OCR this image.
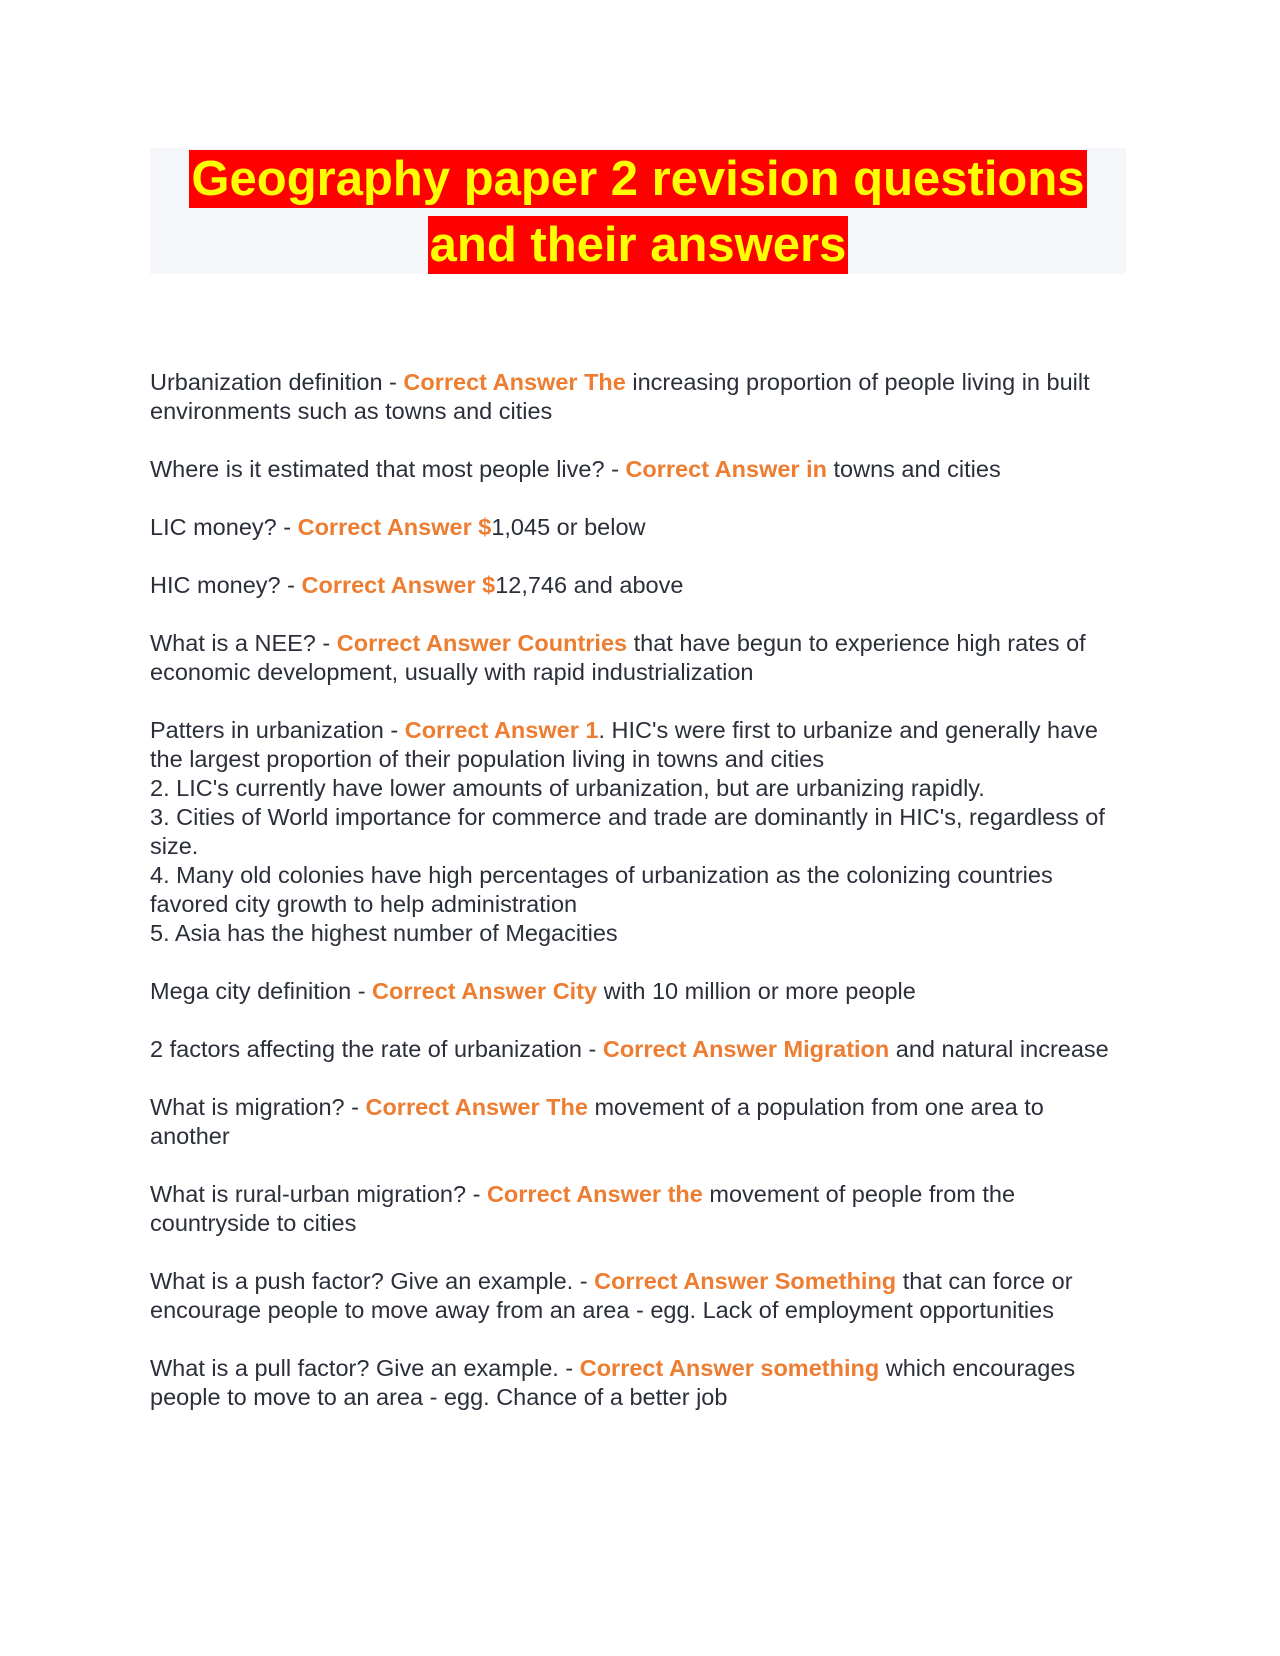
Geography paper 2 revision questions
and their answers
Urbanization definition - Correct Answer The increasing proportion of people living in built environments such as towns and cities
Where is it estimated that most people live? - Correct Answer in towns and cities
LIC money? - Correct Answer $1,045 or below
HIC money? - Correct Answer $12,746 and above
What is a NEE? - Correct Answer Countries that have begun to experience high rates of economic development, usually with rapid industrialization
Patters in urbanization - Correct Answer 1. HIC's were first to urbanize and generally have the largest proportion of their population living in towns and cities
2. LIC's currently have lower amounts of urbanization, but are urbanizing rapidly.
3. Cities of World importance for commerce and trade are dominantly in HIC's, regardless of size.
4. Many old colonies have high percentages of urbanization as the colonizing countries favored city growth to help administration
5. Asia has the highest number of Megacities
Mega city definition - Correct Answer City with 10 million or more people
2 factors affecting the rate of urbanization - Correct Answer Migration and natural increase
What is migration? - Correct Answer The movement of a population from one area to another
What is rural-urban migration? - Correct Answer the movement of people from the countryside to cities
What is a push factor? Give an example. - Correct Answer Something that can force or encourage people to move away from an area - egg. Lack of employment opportunities
What is a pull factor? Give an example. - Correct Answer something which encourages people to move to an area - egg. Chance of a better job
